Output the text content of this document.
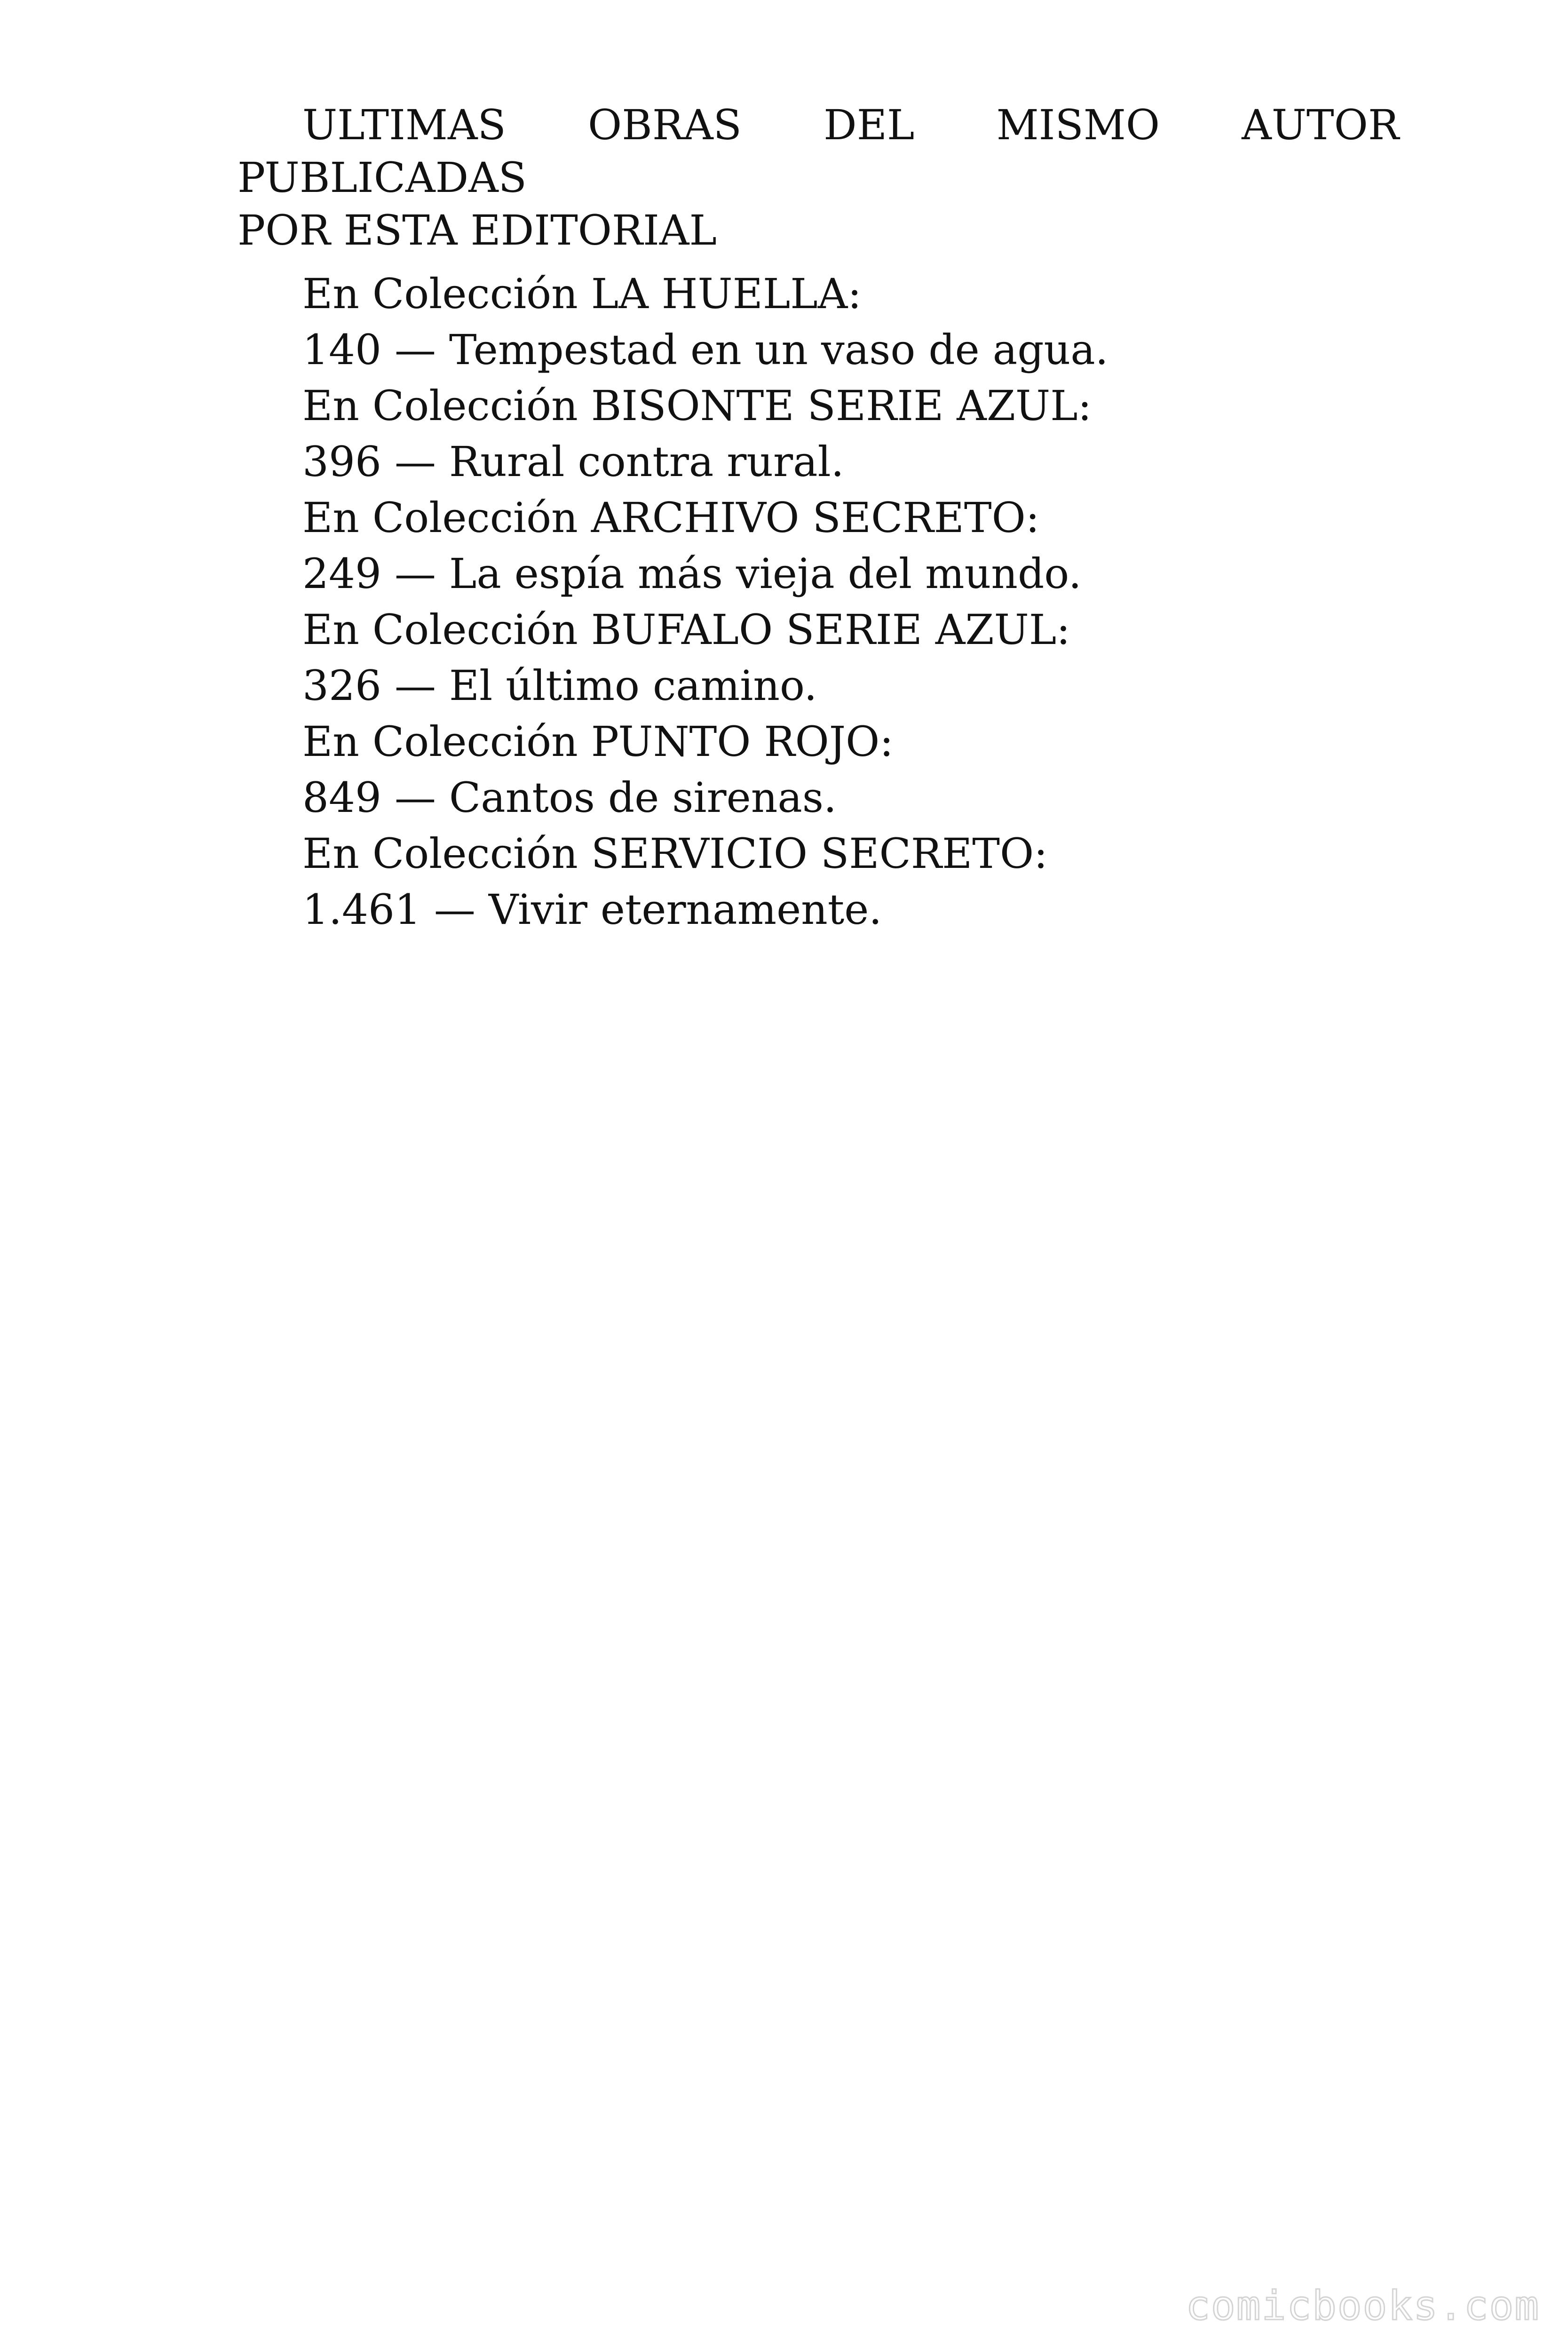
ULTIMAS OBRAS DEL MISMO AUTOR PUBLICADAS
POR ESTA EDITORIAL
En Colección LA HUELLA:
140 — Tempestad en un vaso de agua.
En Colección BISONTE SERIE AZUL:
396 — Rural contra rural.
En Colección ARCHIVO SECRETO:
249 — La espía más vieja del mundo.
En Colección BUFALO SERIE AZUL:
326 — El último camino.
En Colección PUNTO ROJO:
849 — Cantos de sirenas.
En Colección SERVICIO SECRETO:
1.461 — Vivir eternamente.
comicbooks.com
